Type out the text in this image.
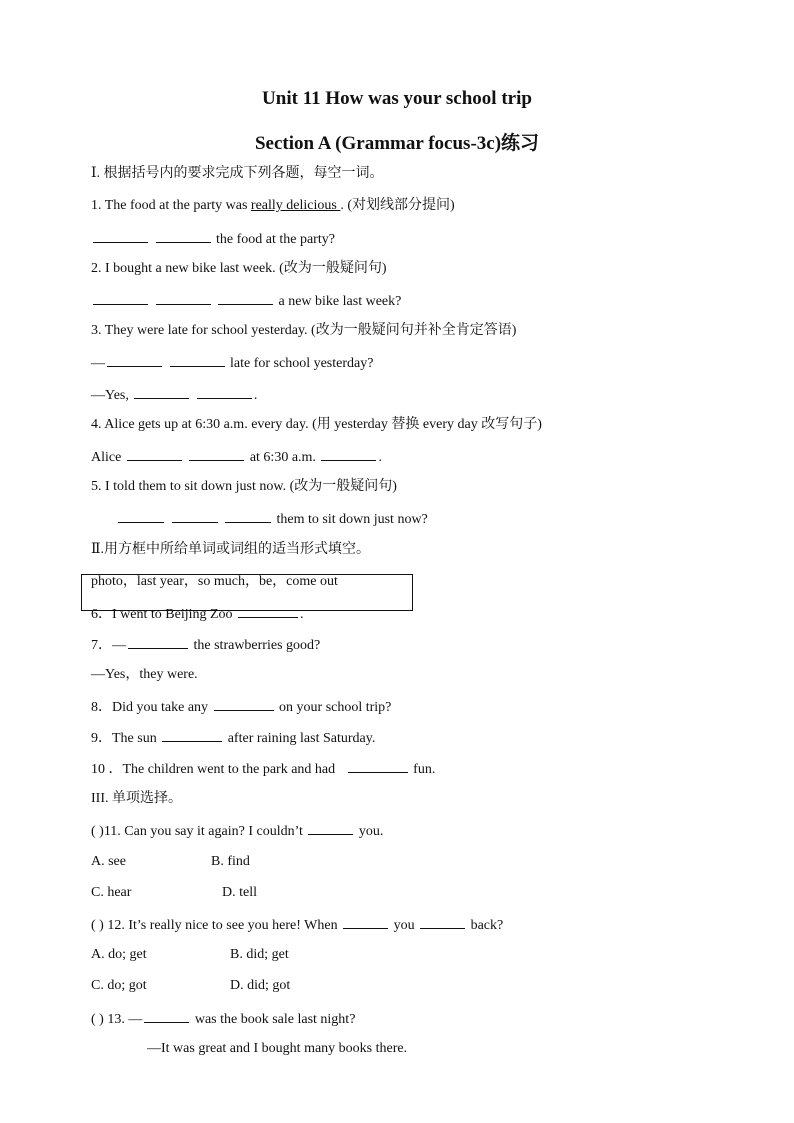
Unit 11 How was your school trip
Section A (Grammar focus-3c)练习
Ⅰ. 根据括号内的要求完成下列各题，每空一词。
1. The food at the party was really delicious . (对划线部分提问)
the food at the party?
2. I bought a new bike last week. (改为一般疑问句)
a new bike last week?
3. They were late for school yesterday. (改为一般疑问句并补全肯定答语)
—	late for school yesterday?
—Yes,	.
4. Alice gets up at 6:30 a.m. every day. (用 yesterday 替换 every day 改写句子)
Alice	at 6:30 a.m.	.
5. I told them to sit down just now. (改为一般疑问句)
them to sit down just now?
Ⅱ.用方框中所给单词或词组的适当形式填空。
photo，last year，so much，be，come out
6．I went to Beijing Zoo	.
7．—	the strawberries good?
—Yes，they were.
8．Did you take any	on your school trip?
9．The sun	after raining last Saturday.
10 ．The children went to the park and had	fun.
III. 单项选择。
( )11. Can you say it again? I couldn’t	you.
A. see	B. find
C. hear	D. tell
( ) 12. It’s really nice to see you here! When	you	back?
A. do; get	B. did; get
C. do; got	D. did; got
( ) 13. —	was the book sale last night?
—It was great and I bought many books there.
